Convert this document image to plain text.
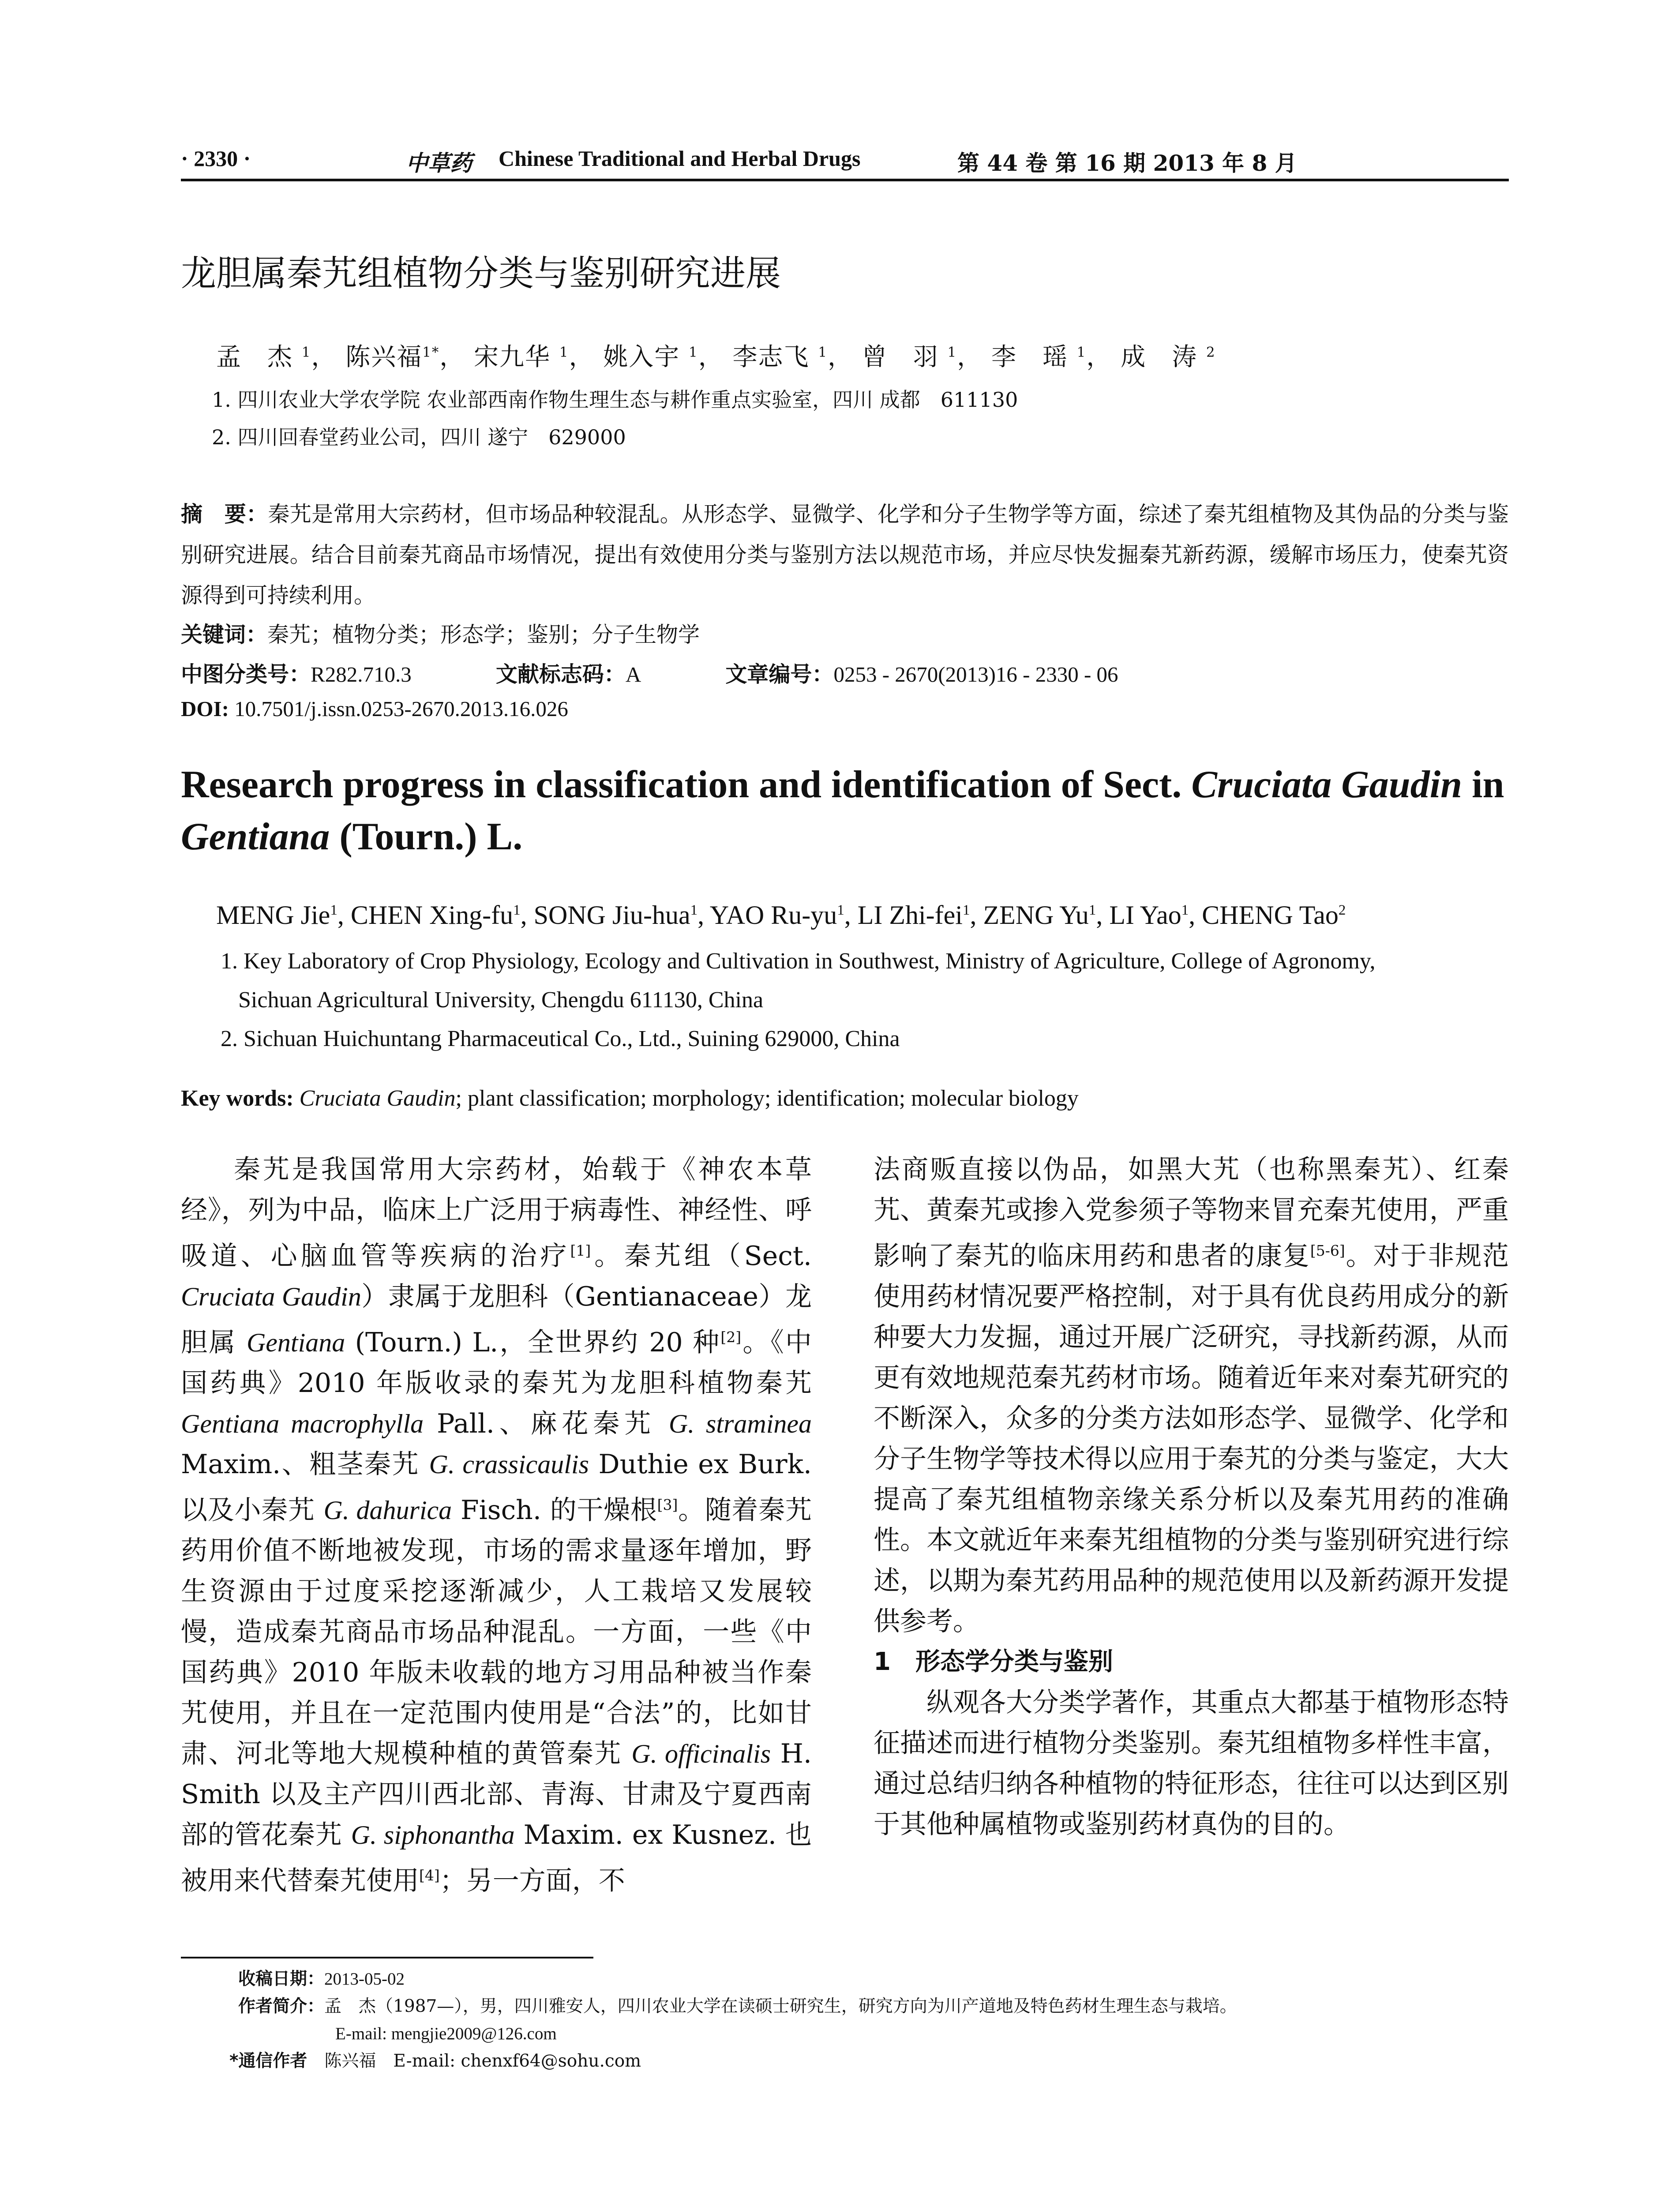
· 2330 ·	中草药 Chinese Traditional and Herbal Drugs	第 44 卷 第 16 期 2013 年 8 月
龙胆属秦艽组植物分类与鉴别研究进展
孟　杰 $^1$， 陈兴福$^{1*}$， 宋九华 $^1$， 姚入宇 $^1$， 李志飞 $^1$， 曾　羽 $^1$， 李　瑶 $^1$， 成　涛 $^2$
1. 四川农业大学农学院 农业部西南作物生理生态与耕作重点实验室，四川 成都　611130
2. 四川回春堂药业公司，四川 遂宁　629000
摘　要：秦艽是常用大宗药材，但市场品种较混乱。从形态学、显微学、化学和分子生物学等方面，综述了秦艽组植物及其伪品的分类与鉴别研究进展。结合目前秦艽商品市场情况，提出有效使用分类与鉴别方法以规范市场，并应尽快发掘秦艽新药源，缓解市场压力，使秦艽资源得到可持续利用。
关键词：秦艽；植物分类；形态学；鉴别；分子生物学
中图分类号：R282.710.3	文献标志码：A	文章编号：0253 - 2670(2013)16 - 2330 - 06
DOI: 10.7501/j.issn.0253-2670.2013.16.026
Research progress in classification and identification of Sect. Cruciata Gaudin in Gentiana (Tourn.) L.
MENG Jie$^1$, CHEN Xing-$fu^1$, SONG Jiu-hua$^1$, YAO $Ru-yu^1$, LI Zhi-fei$^1$, ZENG Yu$^1$, LI Yao$^1$, CHENG Tao$^2$
1. Key Laboratory of Crop Physiology, Ecology and Cultivation in Southwest, Ministry of Agriculture, College of Agronomy,
Sichuan Agricultural University, Chengdu 611130, China
2. Sichuan Huichuntang Pharmaceutical Co., Ltd., Suining 629000, China
Key words: Cruciata Gaudin; plant classification; morphology; identification; molecular biology

秦艽是我国常用大宗药材，始载于《神农本草经》，列为中品，临床上广泛用于病毒性、神经性、呼吸道、心脑血管等疾病的治疗[1]。秦艽组（Sect. Cruciata Gaudin）隶属于龙胆科（Gentianaceae）龙胆属 Gentiana (Tourn.) L.，全世界约 20 种[2]。《中国药典》2010 年版收录的秦艽为龙胆科植物秦艽 Gentiana macrophylla Pall.、麻花秦艽 G. straminea Maxim.、粗茎秦艽 G. crassicaulis Duthie ex Burk. 以及小秦艽 G. dahurica Fisch. 的干燥根[3]。随着秦艽药用价值不断地被发现，市场的需求量逐年增加，野生资源由于过度采挖逐渐减少，人工栽培又发展较慢，造成秦艽商品市场品种混乱。一方面，一些《中国药典》2010 年版未收载的地方习用品种被当作秦艽使用，并且在一定范围内使用是“合法”的，比如甘肃、河北等地大规模种植的黄管秦艽 G. officinalis H. Smith 以及主产四川西北部、青海、甘肃及宁夏西南部的管花秦艽 G. siphonantha Maxim. ex Kusnez. 也被用来代替秦艽使用[4]；另一方面，不

法商贩直接以伪品，如黑大艽（也称黑秦艽）、红秦艽、黄秦艽或掺入党参须子等物来冒充秦艽使用，严重影响了秦艽的临床用药和患者的康复[5-6]。对于非规范使用药材情况要严格控制，对于具有优良药用成分的新种要大力发掘，通过开展广泛研究，寻找新药源，从而更有效地规范秦艽药材市场。随着近年来对秦艽研究的不断深入，众多的分类方法如形态学、显微学、化学和分子生物学等技术得以应用于秦艽的分类与鉴定，大大提高了秦艽组植物亲缘关系分析以及秦艽用药的准确性。本文就近年来秦艽组植物的分类与鉴别研究进行综述，以期为秦艽药用品种的规范使用以及新药源开发提供参考。

1　形态学分类与鉴别

纵观各大分类学著作，其重点大都基于植物形态特征描述而进行植物分类鉴别。秦艽组植物多样性丰富，通过总结归纳各种植物的特征形态，往往可以达到区别于其他种属植物或鉴别药材真伪的目的。

收稿日期：2013-05-02
作者简介：孟　杰（1987—），男，四川雅安人，四川农业大学在读硕士研究生，研究方向为川产道地及特色药材生理生态与栽培。
E-mail: mengjie2009@126.com
*通信作者　 陈兴福　E-mail: chenxf64@sohu.com
